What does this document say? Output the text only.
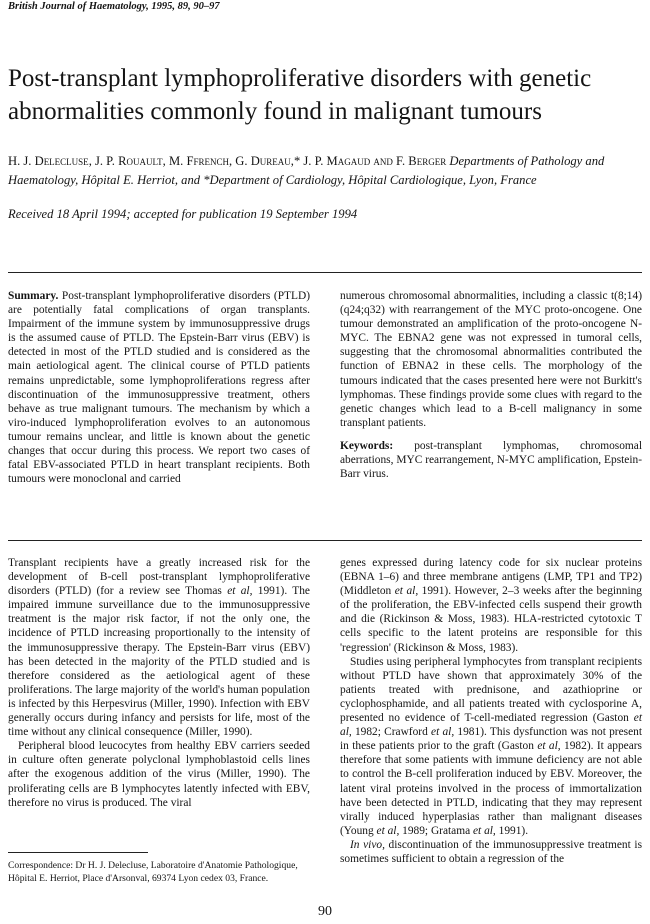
British Journal of Haematology, 1995, 89, 90–97
Post-transplant lymphoproliferative disorders with genetic abnormalities commonly found in malignant tumours
H. J. Delecluse, J. P. Rouault, M. Ffrench, G. Dureau,* J. P. Magaud and F. Berger Departments of Pathology and Haematology, Hôpital E. Herriot, and *Department of Cardiology, Hôpital Cardiologique, Lyon, France
Received 18 April 1994; accepted for publication 19 September 1994

Summary. Post-transplant lymphoproliferative disorders (PTLD) are potentially fatal complications of organ transplants. Impairment of the immune system by immunosuppressive drugs is the assumed cause of PTLD. The Epstein-Barr virus (EBV) is detected in most of the PTLD studied and is considered as the main aetiological agent. The clinical course of PTLD patients remains unpredictable, some lymphoproliferations regress after discontinuation of the immunosuppressive treatment, others behave as true malignant tumours. The mechanism by which a viro-induced lymphoproliferation evolves to an autonomous tumour remains unclear, and little is known about the genetic changes that occur during this process. We report two cases of fatal EBV-associated PTLD in heart transplant recipients. Both tumours were monoclonal and carried

numerous chromosomal abnormalities, including a classic t(8;14)(q24;q32) with rearrangement of the MYC proto-oncogene. One tumour demonstrated an amplification of the proto-oncogene N-MYC. The EBNA2 gene was not expressed in tumoral cells, suggesting that the chromosomal abnormalities contributed the function of EBNA2 in these cells. The morphology of the tumours indicated that the cases presented here were not Burkitt's lymphomas. These findings provide some clues with regard to the genetic changes which lead to a B-cell malignancy in some transplant patients.

Keywords: post-transplant lymphomas, chromosomal aberrations, MYC rearrangement, N-MYC amplification, Epstein-Barr virus.

Transplant recipients have a greatly increased risk for the development of B-cell post-transplant lymphoproliferative disorders (PTLD) (for a review see Thomas et al, 1991). The impaired immune surveillance due to the immunosuppressive treatment is the major risk factor, if not the only one, the incidence of PTLD increasing proportionally to the intensity of the immunosuppressive therapy. The Epstein-Barr virus (EBV) has been detected in the majority of the PTLD studied and is therefore considered as the aetiological agent of these proliferations. The large majority of the world's human population is infected by this Herpesvirus (Miller, 1990). Infection with EBV generally occurs during infancy and persists for life, most of the time without any clinical consequence (Miller, 1990).

Peripheral blood leucocytes from healthy EBV carriers seeded in culture often generate polyclonal lymphoblastoid cells lines after the exogenous addition of the virus (Miller, 1990). The proliferating cells are B lymphocytes latently infected with EBV, therefore no virus is produced. The viral

genes expressed during latency code for six nuclear proteins (EBNA 1–6) and three membrane antigens (LMP, TP1 and TP2) (Middleton et al, 1991). However, 2–3 weeks after the beginning of the proliferation, the EBV-infected cells suspend their growth and die (Rickinson & Moss, 1983). HLA-restricted cytotoxic T cells specific to the latent proteins are responsible for this 'regression' (Rickinson & Moss, 1983).

Studies using peripheral lymphocytes from transplant recipients without PTLD have shown that approximately 30% of the patients treated with prednisone, and azathioprine or cyclophosphamide, and all patients treated with cyclosporine A, presented no evidence of T-cell-mediated regression (Gaston et al, 1982; Crawford et al, 1981). This dysfunction was not present in these patients prior to the graft (Gaston et al, 1982). It appears therefore that some patients with immune deficiency are not able to control the B-cell proliferation induced by EBV. Moreover, the latent viral proteins involved in the process of immortalization have been detected in PTLD, indicating that they may represent virally induced hyperplasias rather than malignant diseases (Young et al, 1989; Gratama et al, 1991).

In vivo, discontinuation of the immunosuppressive treatment is sometimes sufficient to obtain a regression of the

Correspondence: Dr H. J. Delecluse, Laboratoire d'Anatomie Pathologique, Hôpital E. Herriot, Place d'Arsonval, 69374 Lyon cedex 03, France.

90
